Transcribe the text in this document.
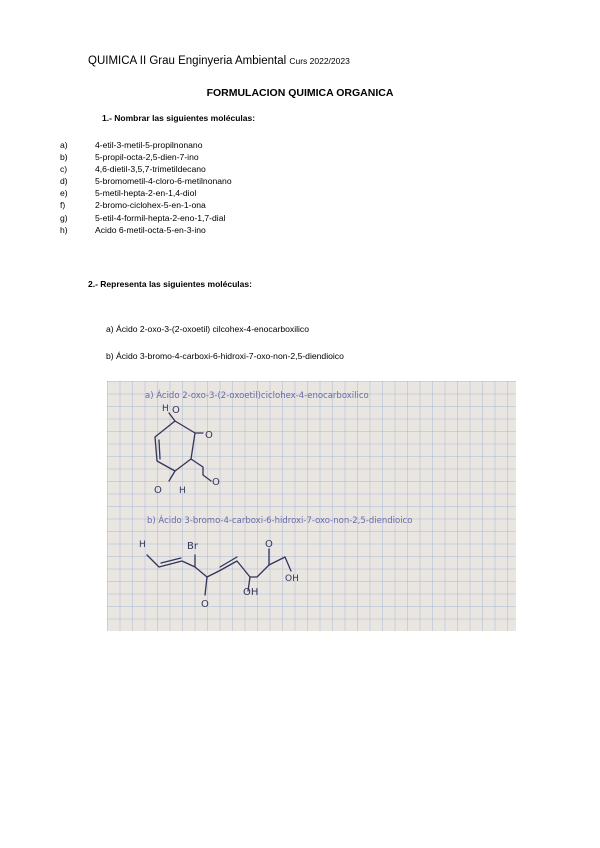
QUIMICA II Grau Enginyeria Ambiental Curs 2022/2023
FORMULACION QUIMICA ORGANICA
1.- Nombrar las siguientes moléculas:
a)	4-etil-3-metil-5-propilnonano
b)	5-propil-octa-2,5-dien-7-ino
c)	4,6-dietil-3,5,7-trimetildecano
d)	5-bromometil-4-cloro-6-metilnonano
e)	5-metil-hepta-2-en-1,4-diol
f)	2-bromo-ciclohex-5-en-1-ona
g)	5-etil-4-formil-hepta-2-eno-1,7-dial
h)	Acido 6-metil-octa-5-en-3-ino
2.- Representa las siguientes moléculas:
a) Ácido 2-oxo-3-(2-oxoetil) cilcohex-4-enocarboxilico
b) Ácido 3-bromo-4-carboxi-6-hidroxi-7-oxo-non-2,5-diendioico
a) Ácido 2-oxo-3-(2-oxoetil)ciclohex-4-enocarboxilico
O
H
O
O
H
O
b) Ácido 3-bromo-4-carboxi-6-hidroxi-7-oxo-non-2,5-diendioico
Br
H
O
OH
O
OH
